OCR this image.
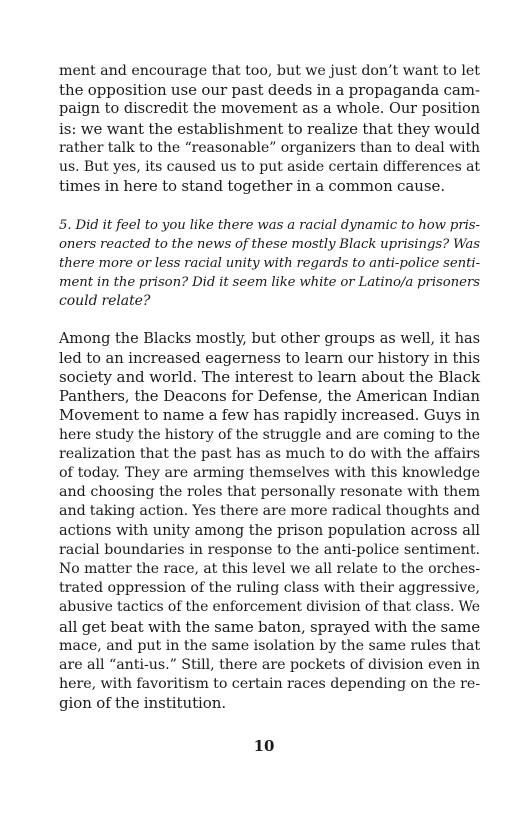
ment and encourage that too, but we just don’t want to let
the opposition use our past deeds in a propaganda cam-
paign to discredit the movement as a whole. Our position
is: we want the establishment to realize that they would
rather talk to the “reasonable” organizers than to deal with
us. But yes, its caused us to put aside certain differences at
times in here to stand together in a common cause.
5. Did it feel to you like there was a racial dynamic to how pris-
oners reacted to the news of these mostly Black uprisings? Was
there more or less racial unity with regards to anti-police senti-
ment in the prison? Did it seem like white or Latino/a prisoners
could relate?
Among the Blacks mostly, but other groups as well, it has
led to an increased eagerness to learn our history in this
society and world. The interest to learn about the Black
Panthers, the Deacons for Defense, the American Indian
Movement to name a few has rapidly increased. Guys in
here study the history of the struggle and are coming to the
realization that the past has as much to do with the affairs
of today. They are arming themselves with this knowledge
and choosing the roles that personally resonate with them
and taking action. Yes there are more radical thoughts and
actions with unity among the prison population across all
racial boundaries in response to the anti-police sentiment.
No matter the race, at this level we all relate to the orches-
trated oppression of the ruling class with their aggressive,
abusive tactics of the enforcement division of that class. We
all get beat with the same baton, sprayed with the same
mace, and put in the same isolation by the same rules that
are all “anti-us.” Still, there are pockets of division even in
here, with favoritism to certain races depending on the re-
gion of the institution.
10
